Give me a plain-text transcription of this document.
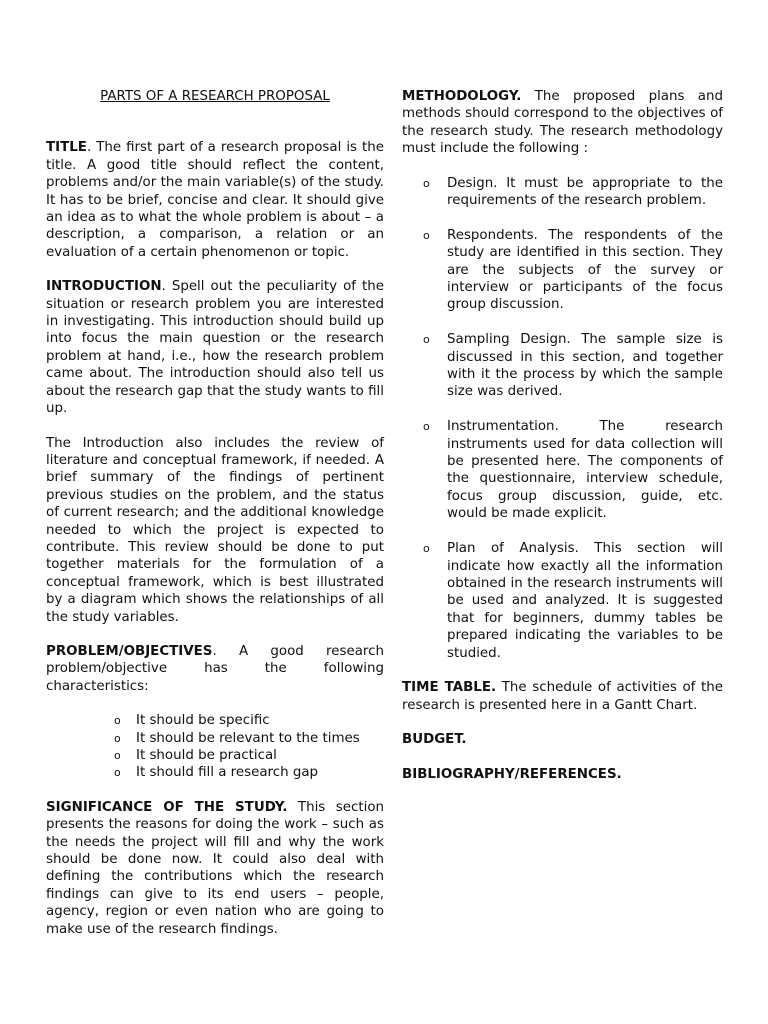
PARTS OF A RESEARCH PROPOSAL

TITLE. The first part of a research proposal is the title. A good title should reflect the content, problems and/or the main variable(s) of the study. It has to be brief, concise and clear. It should give an idea as to what the whole problem is about – a description, a comparison, a relation or an evaluation of a certain phenomenon or topic.

INTRODUCTION. Spell out the peculiarity of the situation or research problem you are interested in investigating. This introduction should build up into focus the main question or the research problem at hand, i.e., how the research problem came about. The introduction should also tell us about the research gap that the study wants to fill up.

The Introduction also includes the review of literature and conceptual framework, if needed. A brief summary of the findings of pertinent previous studies on the problem, and the status of current research; and the additional knowledge needed to which the project is expected to contribute. This review should be done to put together materials for the formulation of a conceptual framework, which is best illustrated by a diagram which shows the relationships of all the study variables.

PROBLEM/OBJECTIVES. A good research problem/objective has the following characteristics:

o It should be specific
o It should be relevant to the times
o It should be practical
o It should fill a research gap

SIGNIFICANCE OF THE STUDY. This section presents the reasons for doing the work – such as the needs the project will fill and why the work should be done now. It could also deal with defining the contributions which the research findings can give to its end users – people, agency, region or even nation who are going to make use of the research findings.

METHODOLOGY. The proposed plans and methods should correspond to the objectives of the research study. The research methodology must include the following :

o Design. It must be appropriate to the requirements of the research problem.
o Respondents. The respondents of the study are identified in this section. They are the subjects of the survey or interview or participants of the focus group discussion.
o Sampling Design. The sample size is discussed in this section, and together with it the process by which the sample size was derived.
o Instrumentation. The research instruments used for data collection will be presented here. The components of the questionnaire, interview schedule, focus group discussion, guide, etc. would be made explicit.
o Plan of Analysis. This section will indicate how exactly all the information obtained in the research instruments will be used and analyzed. It is suggested that for beginners, dummy tables be prepared indicating the variables to be studied.

TIME TABLE. The schedule of activities of the research is presented here in a Gantt Chart.

BUDGET.

BIBLIOGRAPHY/REFERENCES.
